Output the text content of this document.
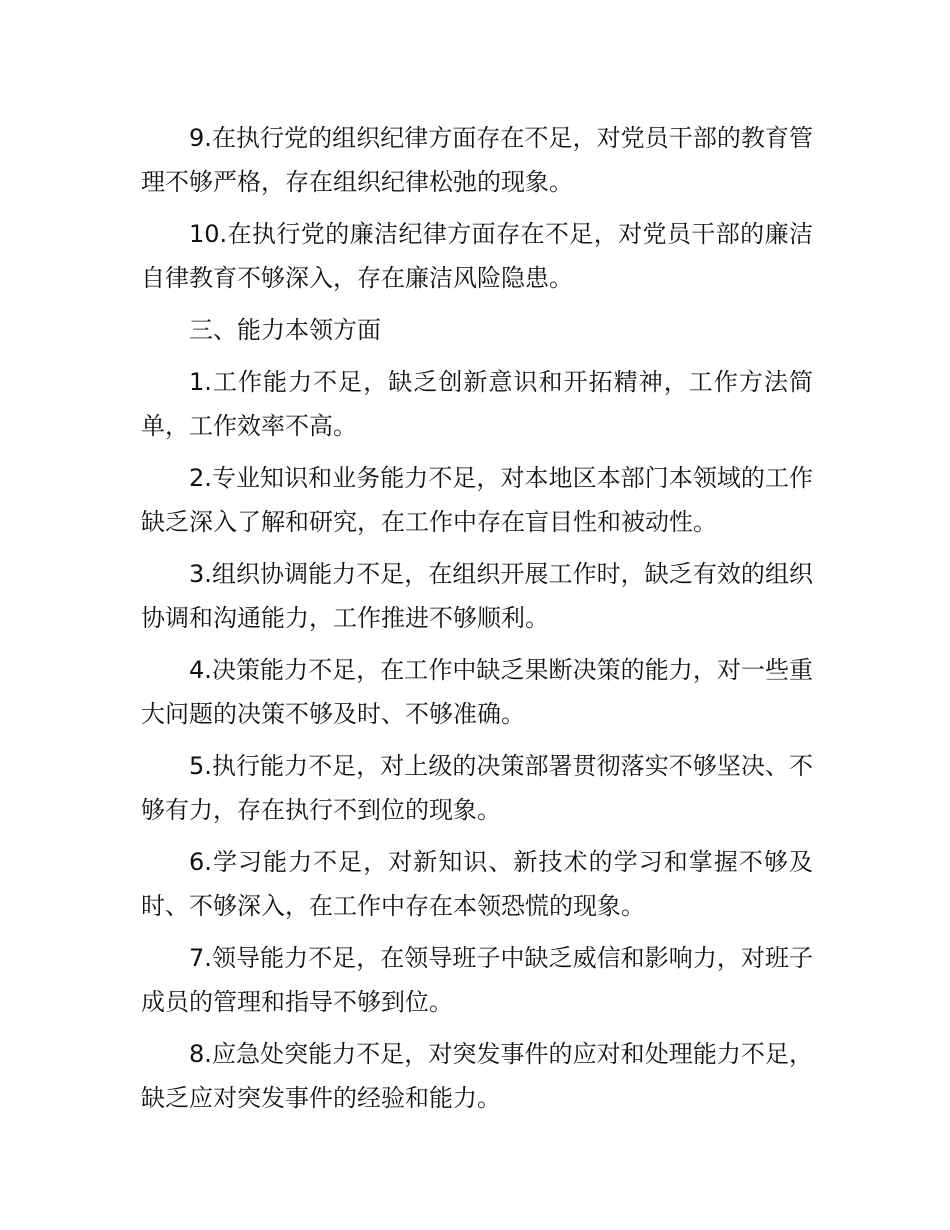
9.在执行党的组织纪律方面存在不足，对党员干部的教育管理不够严格，存在组织纪律松弛的现象。

10.在执行党的廉洁纪律方面存在不足，对党员干部的廉洁自律教育不够深入，存在廉洁风险隐患。

三、能力本领方面

1.工作能力不足，缺乏创新意识和开拓精神，工作方法简单，工作效率不高。

2.专业知识和业务能力不足，对本地区本部门本领域的工作缺乏深入了解和研究，在工作中存在盲目性和被动性。

3.组织协调能力不足，在组织开展工作时，缺乏有效的组织协调和沟通能力，工作推进不够顺利。

4.决策能力不足，在工作中缺乏果断决策的能力，对一些重大问题的决策不够及时、不够准确。

5.执行能力不足，对上级的决策部署贯彻落实不够坚决、不够有力，存在执行不到位的现象。

6.学习能力不足，对新知识、新技术的学习和掌握不够及时、不够深入，在工作中存在本领恐慌的现象。

7.领导能力不足，在领导班子中缺乏威信和影响力，对班子成员的管理和指导不够到位。

8.应急处突能力不足，对突发事件的应对和处理能力不足，缺乏应对突发事件的经验和能力。
